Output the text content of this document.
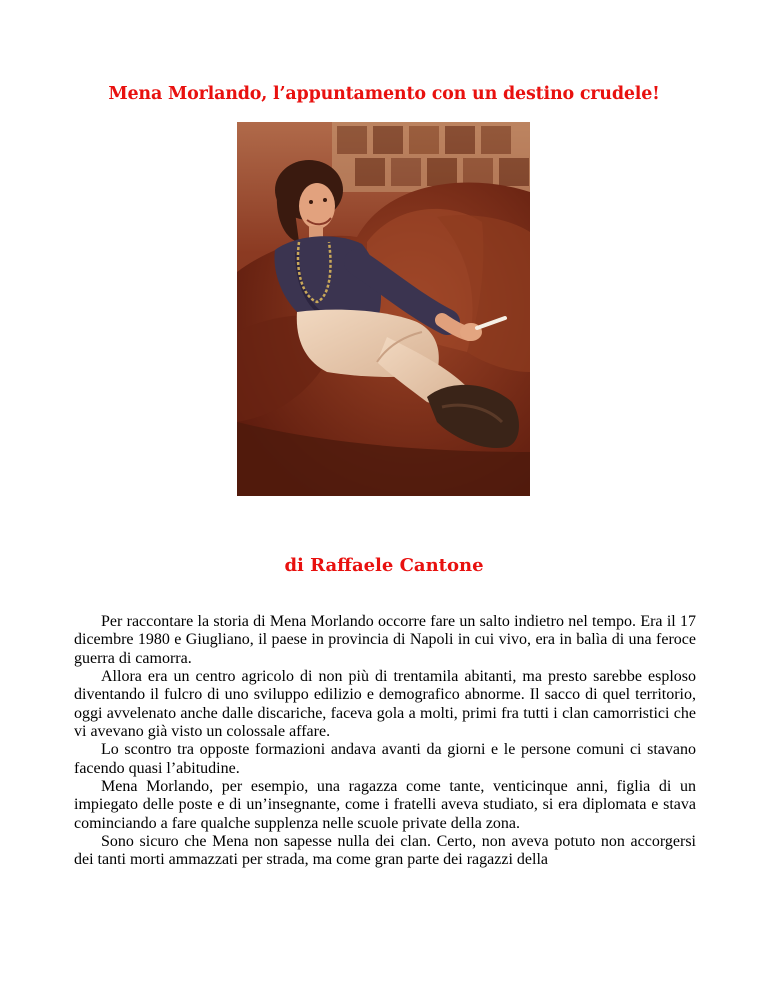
Mena Morlando, l’appuntamento con un destino crudele!
di Raffaele Cantone

Per raccontare la storia di Mena Morlando occorre fare un salto indietro nel tempo. Era il 17 dicembre 1980 e Giugliano, il paese in provincia di Napoli in cui vivo, era in balìa di una feroce guerra di camorra.

Allora era un centro agricolo di non più di trentamila abitanti, ma presto sarebbe esploso diventando il fulcro di uno sviluppo edilizio e demografico abnorme. Il sacco di quel territorio, oggi avvelenato anche dalle discariche, faceva gola a molti, primi fra tutti i clan camorristici che vi avevano già visto un colossale affare.

Lo scontro tra opposte formazioni andava avanti da giorni e le persone comuni ci stavano facendo quasi l’abitudine.

Mena Morlando, per esempio, una ragazza come tante, venticinque anni, figlia di un impiegato delle poste e di un’insegnante, come i fratelli aveva studiato, si era diplomata e stava cominciando a fare qualche supplenza nelle scuole private della zona.

Sono sicuro che Mena non sapesse nulla dei clan. Certo, non aveva potuto non accorgersi dei tanti morti ammazzati per strada, ma come gran parte dei ragazzi della
